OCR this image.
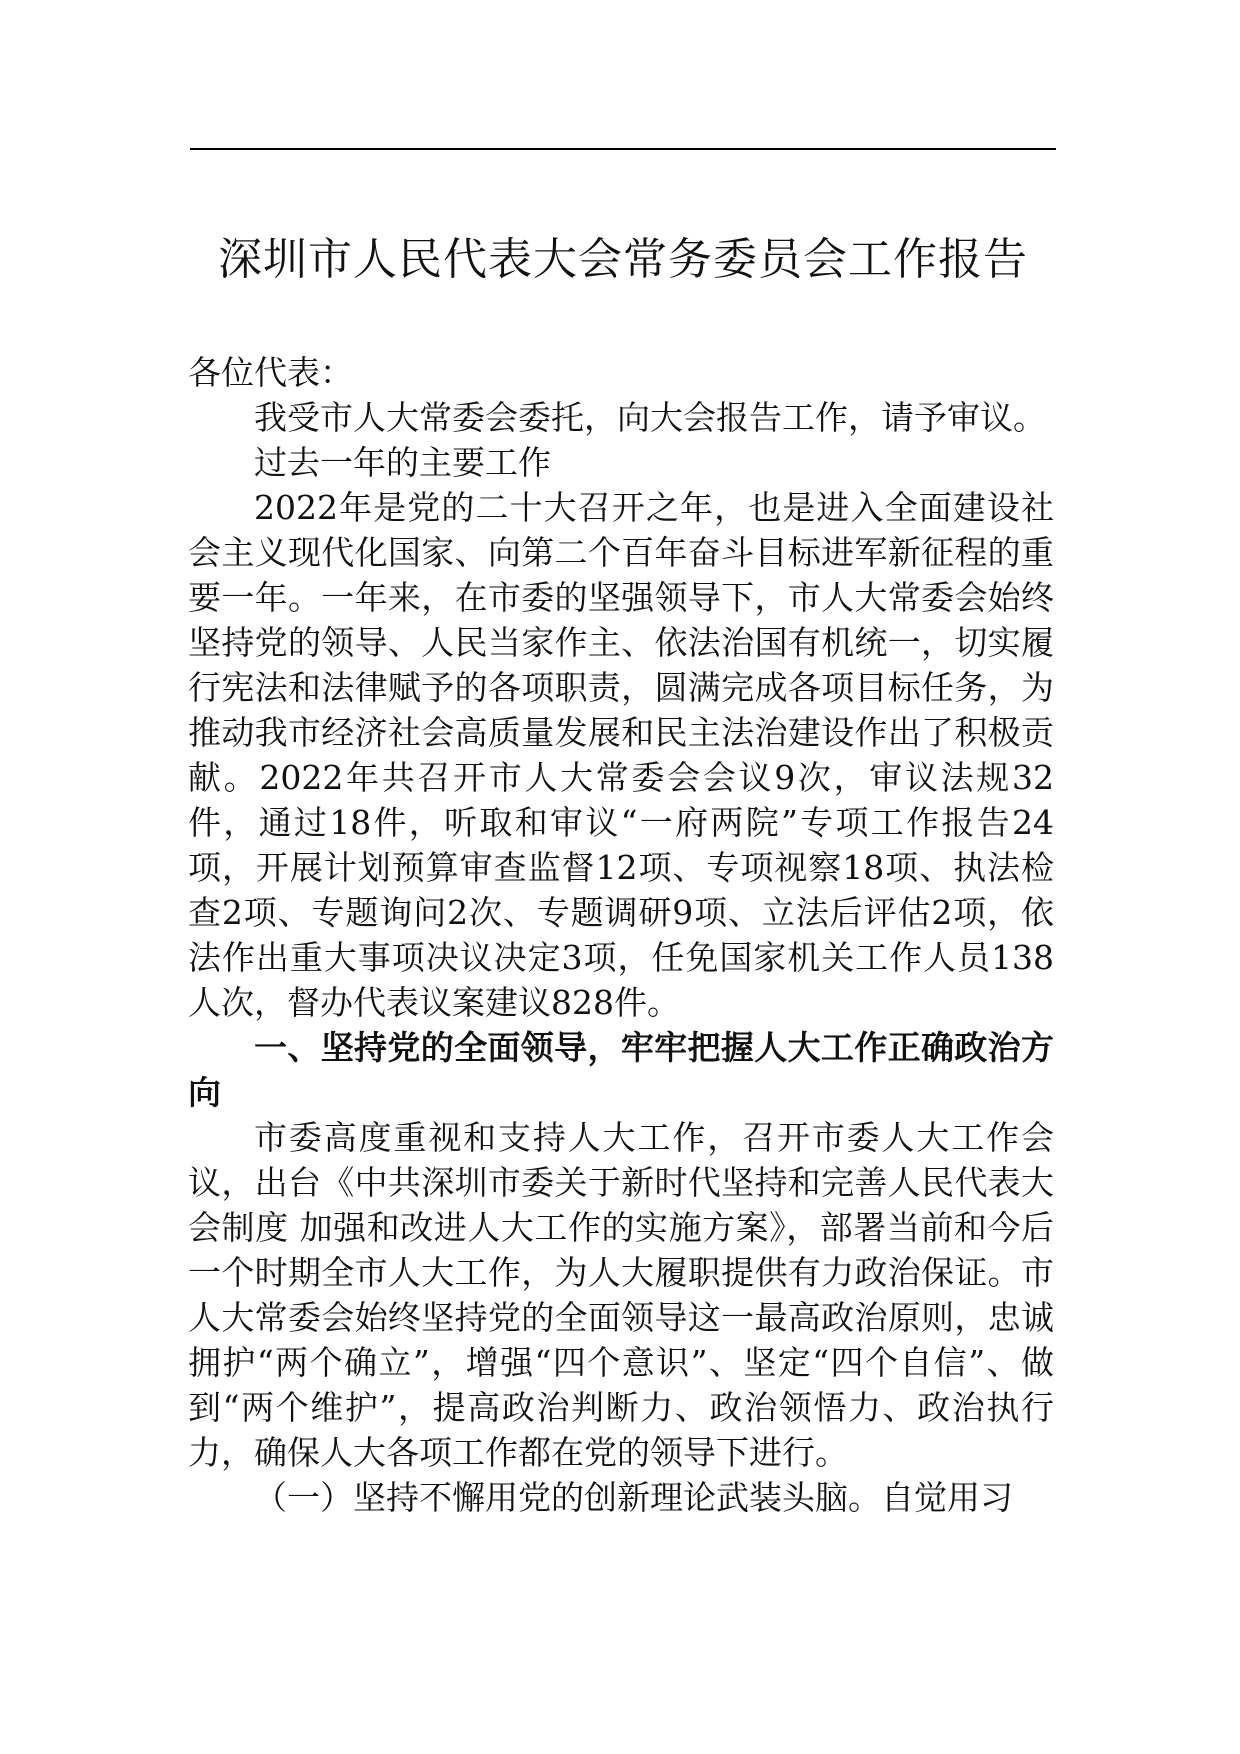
深圳市人民代表大会常务委员会工作报告

各位代表：

我受市人大常委会委托，向大会报告工作，请予审议。

过去一年的主要工作

2022年是党的二十大召开之年，也是进入全面建设社会主义现代化国家、向第二个百年奋斗目标进军新征程的重要一年。一年来，在市委的坚强领导下，市人大常委会始终坚持党的领导、人民当家作主、依法治国有机统一，切实履行宪法和法律赋予的各项职责，圆满完成各项目标任务，为推动我市经济社会高质量发展和民主法治建设作出了积极贡献。2022年共召开市人大常委会会议9次，审议法规32件，通过18件，听取和审议“一府两院”专项工作报告24项，开展计划预算审查监督12项、专项视察18项、执法检查2项、专题询问2次、专题调研9项、立法后评估2项，依法作出重大事项决议决定3项，任免国家机关工作人员138人次，督办代表议案建议828件。

一、坚持党的全面领导，牢牢把握人大工作正确政治方向

市委高度重视和支持人大工作，召开市委人大工作会议，出台《中共深圳市委关于新时代坚持和完善人民代表大会制度 加强和改进人大工作的实施方案》，部署当前和今后一个时期全市人大工作，为人大履职提供有力政治保证。市人大常委会始终坚持党的全面领导这一最高政治原则，忠诚拥护“两个确立”，增强“四个意识”、坚定“四个自信”、做到“两个维护”，提高政治判断力、政治领悟力、政治执行力，确保人大各项工作都在党的领导下进行。

（一）坚持不懈用党的创新理论武装头脑。自觉用习
